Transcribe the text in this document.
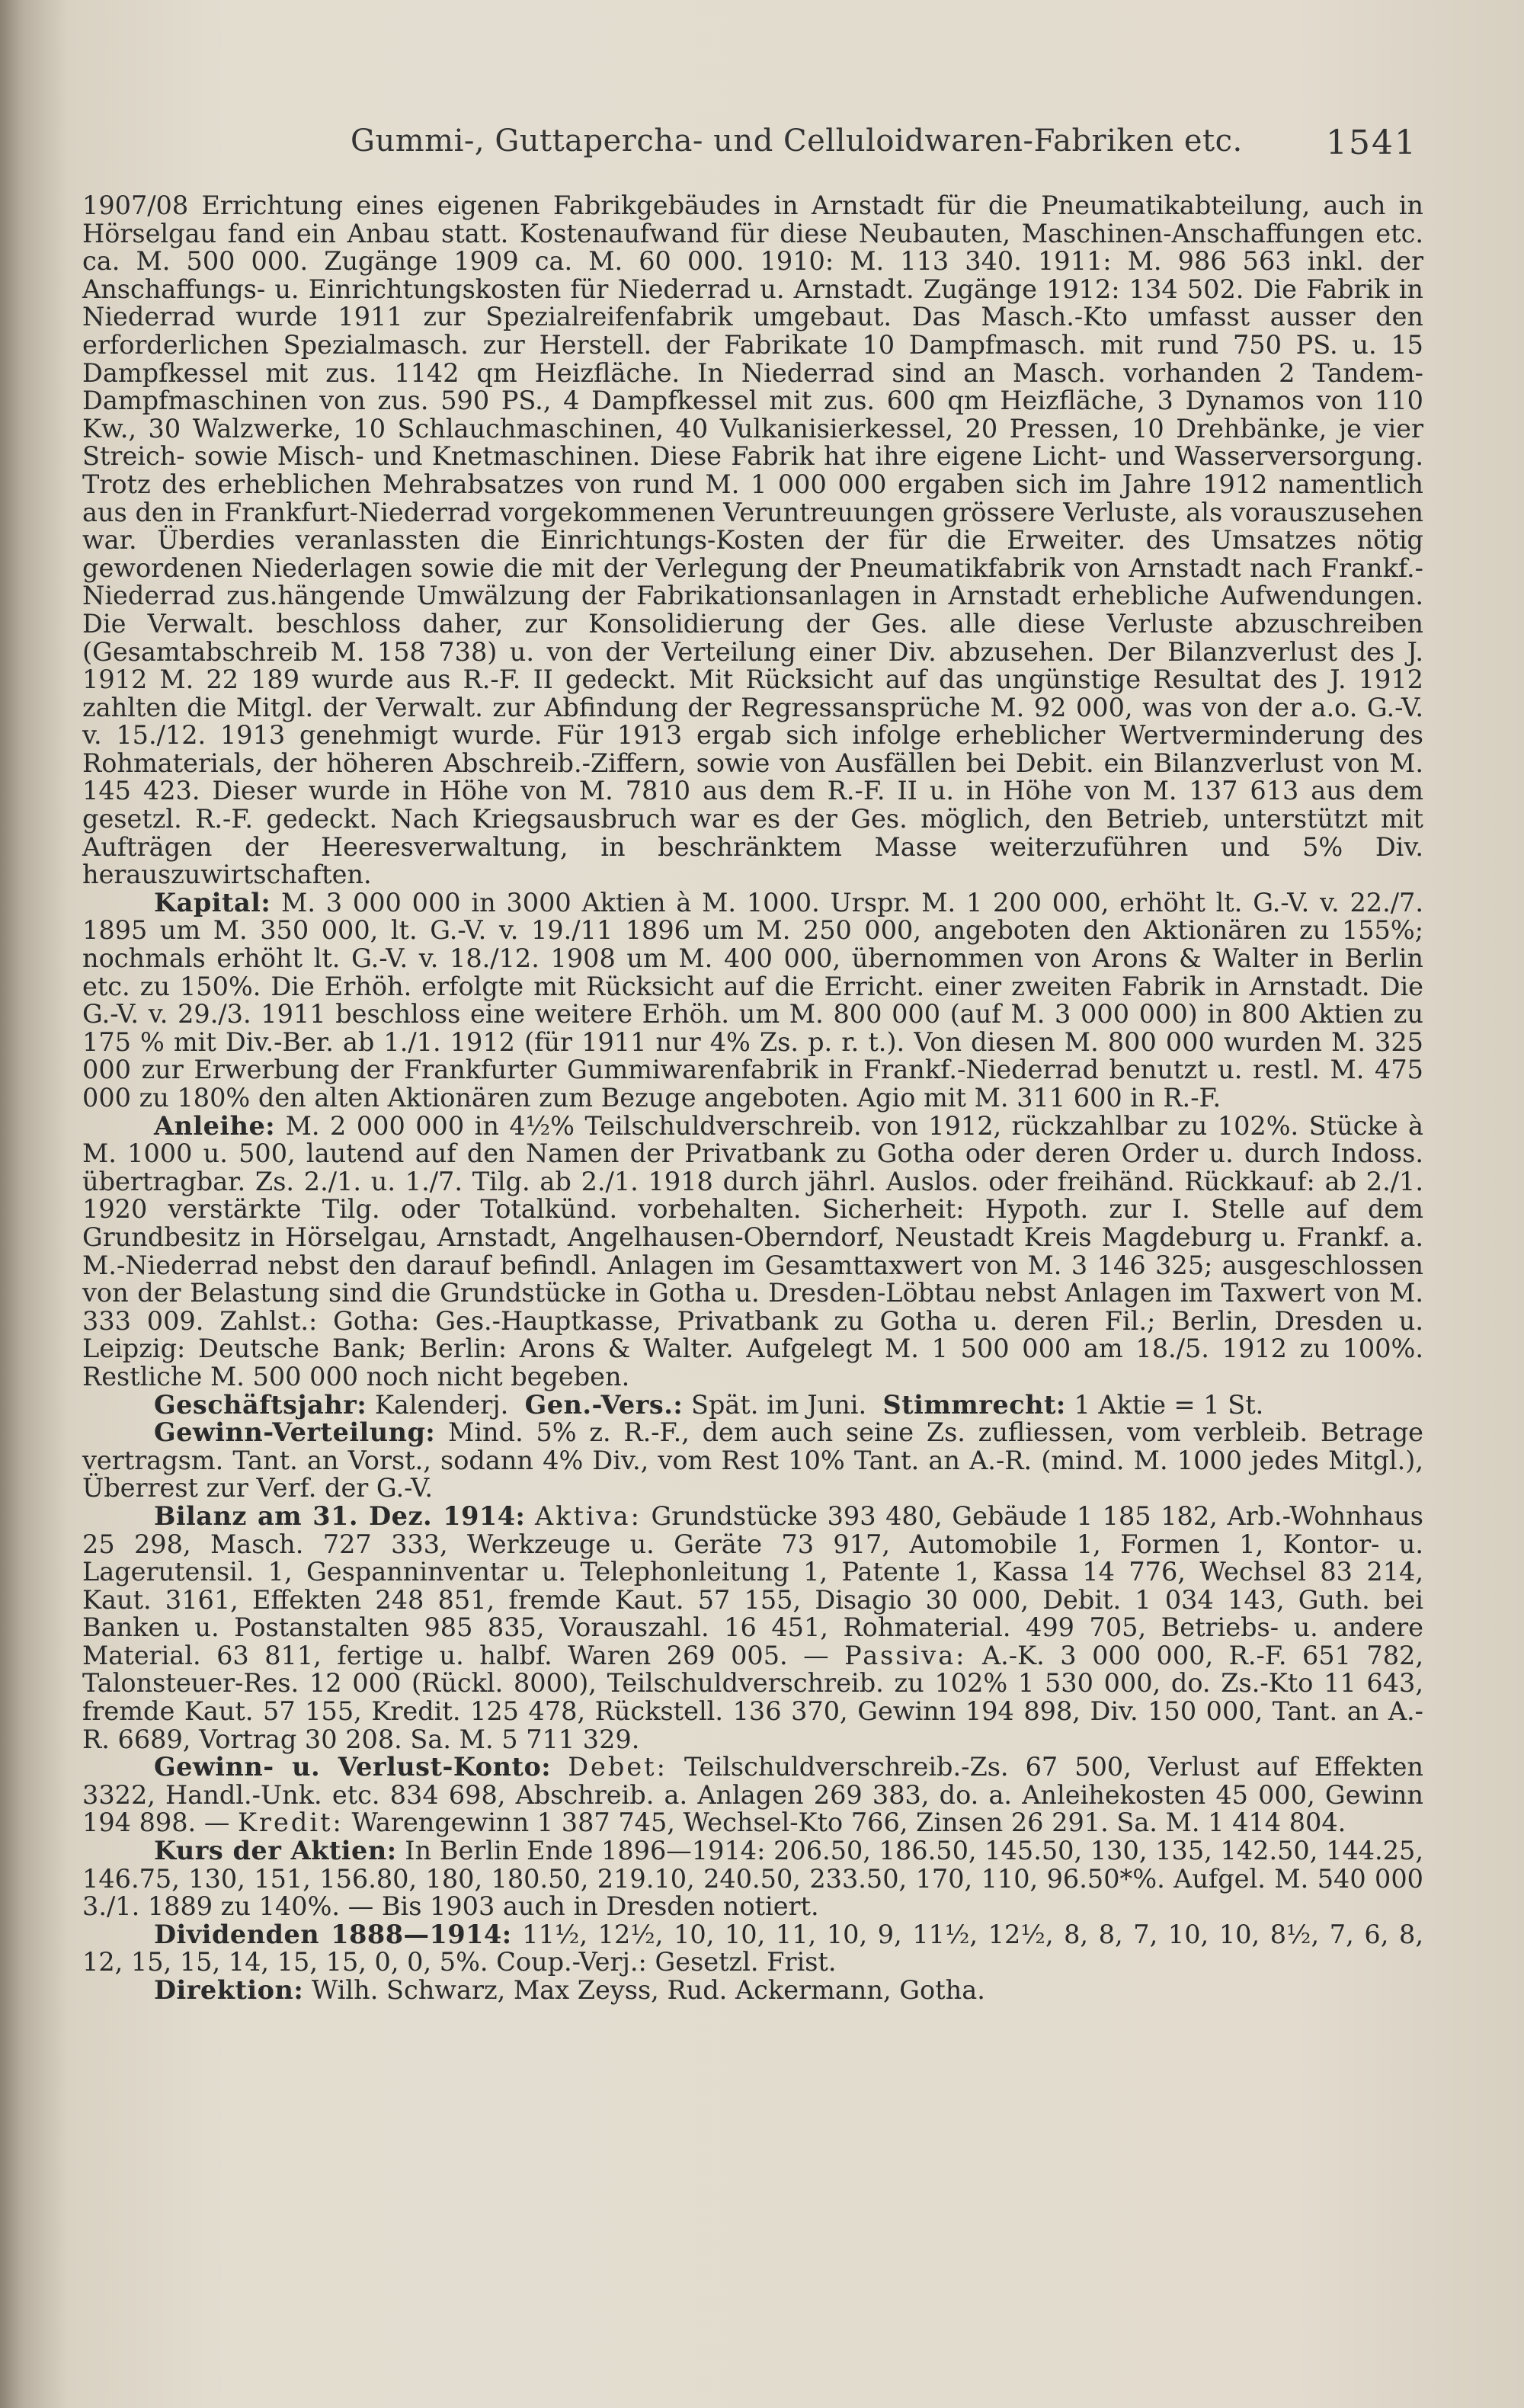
Gummi-, Guttapercha- und Celluloidwaren-Fabriken etc. 1541

1907/08 Errichtung eines eigenen Fabrikgebäudes in Arnstadt für die Pneumatikabteilung, auch in Hörselgau fand ein Anbau statt. Kostenaufwand für diese Neubauten, Maschinen-Anschaffungen etc. ca. M. 500 000. Zugänge 1909 ca. M. 60 000. 1910: M. 113 340. 1911: M. 986 563 inkl. der Anschaffungs- u. Einrichtungskosten für Niederrad u. Arnstadt. Zugänge 1912: 134 502. Die Fabrik in Niederrad wurde 1911 zur Spezialreifenfabrik umgebaut. Das Masch.-Kto umfasst ausser den erforderlichen Spezialmasch. zur Herstell. der Fabrikate 10 Dampfmasch. mit rund 750 PS. u. 15 Dampfkessel mit zus. 1142 qm Heizfläche. In Niederrad sind an Masch. vorhanden 2 Tandem-Dampfmaschinen von zus. 590 PS., 4 Dampfkessel mit zus. 600 qm Heizfläche, 3 Dynamos von 110 Kw., 30 Walzwerke, 10 Schlauchmaschinen, 40 Vulkanisierkessel, 20 Pressen, 10 Drehbänke, je vier Streich- sowie Misch- und Knetmaschinen. Diese Fabrik hat ihre eigene Licht- und Wasserversorgung. Trotz des erheblichen Mehrabsatzes von rund M. 1 000 000 ergaben sich im Jahre 1912 namentlich aus den in Frankfurt-Niederrad vorgekommenen Veruntreuungen grössere Verluste, als vorauszusehen war. Überdies veranlassten die Einrichtungs-Kosten der für die Erweiter. des Umsatzes nötig gewordenen Niederlagen sowie die mit der Verlegung der Pneumatikfabrik von Arnstadt nach Frankf.-Niederrad zus.hängende Umwälzung der Fabrikationsanlagen in Arnstadt erhebliche Aufwendungen. Die Verwalt. beschloss daher, zur Konsolidierung der Ges. alle diese Verluste abzuschreiben (Gesamtabschreib M. 158 738) u. von der Verteilung einer Div. abzusehen. Der Bilanzverlust des J. 1912 M. 22 189 wurde aus R.-F. II gedeckt. Mit Rücksicht auf das ungünstige Resultat des J. 1912 zahlten die Mitgl. der Verwalt. zur Abfindung der Regressansprüche M. 92 000, was von der a.o. G.-V. v. 15./12. 1913 genehmigt wurde. Für 1913 ergab sich infolge erheblicher Wertverminderung des Rohmaterials, der höheren Abschreib.-Ziffern, sowie von Ausfällen bei Debit. ein Bilanzverlust von M. 145 423. Dieser wurde in Höhe von M. 7810 aus dem R.-F. II u. in Höhe von M. 137 613 aus dem gesetzl. R.-F. gedeckt. Nach Kriegsausbruch war es der Ges. möglich, den Betrieb, unterstützt mit Aufträgen der Heeresverwaltung, in beschränktem Masse weiterzuführen und 5% Div. herauszuwirtschaften.

Kapital: M. 3 000 000 in 3000 Aktien à M. 1000. Urspr. M. 1 200 000, erhöht lt. G.-V. v. 22./7. 1895 um M. 350 000, lt. G.-V. v. 19./11 1896 um M. 250 000, angeboten den Aktionären zu 155%; nochmals erhöht lt. G.-V. v. 18./12. 1908 um M. 400 000, übernommen von Arons & Walter in Berlin etc. zu 150%. Die Erhöh. erfolgte mit Rücksicht auf die Erricht. einer zweiten Fabrik in Arnstadt. Die G.-V. v. 29./3. 1911 beschloss eine weitere Erhöh. um M. 800 000 (auf M. 3 000 000) in 800 Aktien zu 175 % mit Div.-Ber. ab 1./1. 1912 (für 1911 nur 4% Zs. p. r. t.). Von diesen M. 800 000 wurden M. 325 000 zur Erwerbung der Frankfurter Gummiwarenfabrik in Frankf.-Niederrad benutzt u. restl. M. 475 000 zu 180% den alten Aktionären zum Bezuge angeboten. Agio mit M. 311 600 in R.-F.

Anleihe: M. 2 000 000 in 4½% Teilschuldverschreib. von 1912, rückzahlbar zu 102%. Stücke à M. 1000 u. 500, lautend auf den Namen der Privatbank zu Gotha oder deren Order u. durch Indoss. übertragbar. Zs. 2./1. u. 1./7. Tilg. ab 2./1. 1918 durch jährl. Auslos. oder freihänd. Rückkauf: ab 2./1. 1920 verstärkte Tilg. oder Totalkünd. vorbehalten. Sicherheit: Hypoth. zur I. Stelle auf dem Grundbesitz in Hörselgau, Arnstadt, Angelhausen-Oberndorf, Neustadt Kreis Magdeburg u. Frankf. a. M.-Niederrad nebst den darauf befindl. Anlagen im Gesamttaxwert von M. 3 146 325; ausgeschlossen von der Belastung sind die Grundstücke in Gotha u. Dresden-Löbtau nebst Anlagen im Taxwert von M. 333 009. Zahlst.: Gotha: Ges.-Hauptkasse, Privatbank zu Gotha u. deren Fil.; Berlin, Dresden u. Leipzig: Deutsche Bank; Berlin: Arons & Walter. Aufgelegt M. 1 500 000 am 18./5. 1912 zu 100%. Restliche M. 500 000 noch nicht begeben.

Geschäftsjahr: Kalenderj. Gen.-Vers.: Spät. im Juni. Stimmrecht: 1 Aktie = 1 St.

Gewinn-Verteilung: Mind. 5% z. R.-F., dem auch seine Zs. zufliessen, vom verbleib. Betrage vertragsm. Tant. an Vorst., sodann 4% Div., vom Rest 10% Tant. an A.-R. (mind. M. 1000 jedes Mitgl.), Überrest zur Verf. der G.-V.

Bilanz am 31. Dez. 1914: Aktiva: Grundstücke 393 480, Gebäude 1 185 182, Arb.-Wohnhaus 25 298, Masch. 727 333, Werkzeuge u. Geräte 73 917, Automobile 1, Formen 1, Kontor- u. Lagerutensil. 1, Gespanninventar u. Telephonleitung 1, Patente 1, Kassa 14 776, Wechsel 83 214, Kaut. 3161, Effekten 248 851, fremde Kaut. 57 155, Disagio 30 000, Debit. 1 034 143, Guth. bei Banken u. Postanstalten 985 835, Vorauszahl. 16 451, Rohmaterial. 499 705, Betriebs- u. andere Material. 63 811, fertige u. halbf. Waren 269 005. — Passiva: A.-K. 3 000 000, R.-F. 651 782, Talonsteuer-Res. 12 000 (Rückl. 8000), Teilschuldverschreib. zu 102% 1 530 000, do. Zs.-Kto 11 643, fremde Kaut. 57 155, Kredit. 125 478, Rückstell. 136 370, Gewinn 194 898, Div. 150 000, Tant. an A.-R. 6689, Vortrag 30 208. Sa. M. 5 711 329.

Gewinn- u. Verlust-Konto: Debet: Teilschuldverschreib.-Zs. 67 500, Verlust auf Effekten 3322, Handl.-Unk. etc. 834 698, Abschreib. a. Anlagen 269 383, do. a. Anleihekosten 45 000, Gewinn 194 898. — Kredit: Warengewinn 1 387 745, Wechsel-Kto 766, Zinsen 26 291. Sa. M. 1 414 804.

Kurs der Aktien: In Berlin Ende 1896—1914: 206.50, 186.50, 145.50, 130, 135, 142.50, 144.25, 146.75, 130, 151, 156.80, 180, 180.50, 219.10, 240.50, 233.50, 170, 110, 96.50*%. Aufgel. M. 540 000 3./1. 1889 zu 140%. — Bis 1903 auch in Dresden notiert.

Dividenden 1888—1914: 11½, 12½, 10, 10, 11, 10, 9, 11½, 12½, 8, 8, 7, 10, 10, 8½, 7, 6, 8, 12, 15, 15, 14, 15, 15, 0, 0, 5%. Coup.-Verj.: Gesetzl. Frist.

Direktion: Wilh. Schwarz, Max Zeyss, Rud. Ackermann, Gotha.
